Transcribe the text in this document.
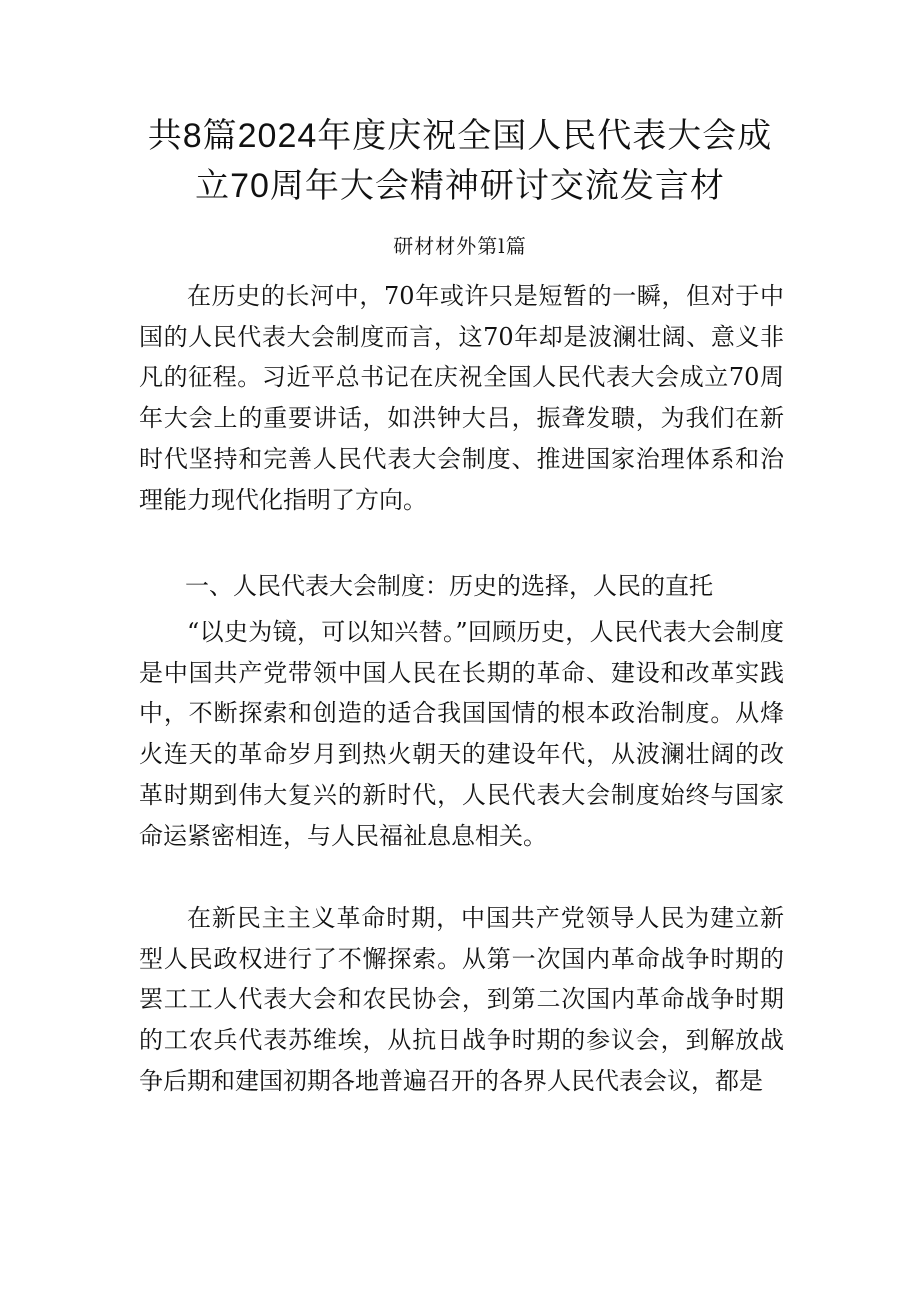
共8篇2024年度庆祝全国人民代表大会成
立70周年大会精神研讨交流发言材
研材材外第l篇

在历史的长河中，70年或许只是短暂的一瞬，但对于中国的人民代表大会制度而言，这70年却是波澜壮阔、意义非凡的征程。习近平总书记在庆祝全国人民代表大会成立70周年大会上的重要讲话，如洪钟大吕，振聋发聩，为我们在新时代坚持和完善人民代表大会制度、推进国家治理体系和治理能力现代化指明了方向。

一、人民代表大会制度：历史的选择，人民的直托

“以史为镜，可以知兴替。”回顾历史，人民代表大会制度是中国共产党带领中国人民在长期的革命、建设和改革实践中，不断探索和创造的适合我国国情的根本政治制度。从烽火连天的革命岁月到热火朝天的建设年代，从波澜壮阔的改革时期到伟大复兴的新时代，人民代表大会制度始终与国家命运紧密相连，与人民福祉息息相关。

在新民主主义革命时期，中国共产党领导人民为建立新型人民政权进行了不懈探索。从第一次国内革命战争时期的罢工工人代表大会和农民协会，到第二次国内革命战争时期的工农兵代表苏维埃，从抗日战争时期的参议会，到解放战争后期和建国初期各地普遍召开的各界人民代表会议，都是
